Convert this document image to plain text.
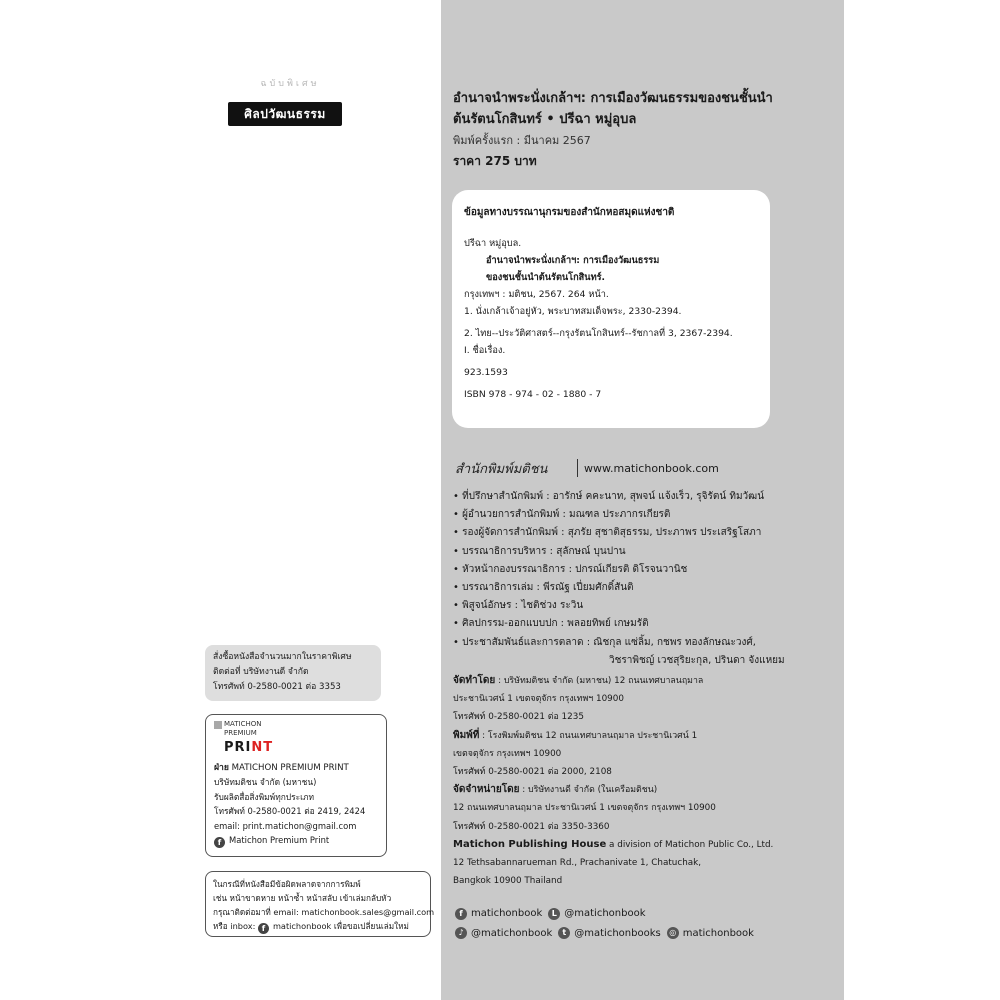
ฉบับพิเศษ
ศิลปวัฒนธรรม
สั่งซื้อหนังสือจำนวนมากในราคาพิเศษ
ติดต่อที่ บริษัทงานดี จำกัด
โทรศัพท์ 0-2580-0021 ต่อ 3353
MATICHON
PREMIUM
PRINT
ฝ่าย MATICHON PREMIUM PRINT
บริษัทมติชน จำกัด (มหาชน)
รับผลิตสื่อสิ่งพิมพ์ทุกประเภท
โทรศัพท์ 0-2580-0021 ต่อ 2419, 2424
email: print.matichon@gmail.com
f Matichon Premium Print
ในกรณีที่หนังสือมีข้อผิดพลาดจากการพิมพ์
เช่น หน้าขาดหาย หน้าซ้ำ หน้าสลับ เข้าเล่มกลับหัว
กรุณาติดต่อมาที่ email: matichonbook.sales@gmail.com
หรือ inbox: f matichonbook เพื่อขอเปลี่ยนเล่มใหม่
อำนาจนำพระนั่งเกล้าฯ: การเมืองวัฒนธรรมของชนชั้นนำ
ต้นรัตนโกสินทร์ • ปรีฉา หมู่อุบล
พิมพ์ครั้งแรก : มีนาคม 2567
ราคา 275 บาท
ข้อมูลทางบรรณานุกรมของสำนักหอสมุดแห่งชาติ
ปรีฉา หมู่อุบล.
อำนาจนำพระนั่งเกล้าฯ: การเมืองวัฒนธรรม
ของชนชั้นนำต้นรัตนโกสินทร์.
กรุงเทพฯ : มติชน, 2567. 264 หน้า.
1. นั่งเกล้าเจ้าอยู่หัว, พระบาทสมเด็จพระ, 2330-2394.
2. ไทย--ประวัติศาสตร์--กรุงรัตนโกสินทร์--รัชกาลที่ 3, 2367-2394.
I. ชื่อเรื่อง.
923.1593
ISBN 978 - 974 - 02 - 1880 - 7
สำนักพิมพ์มติชน	www.matichonbook.com
• ที่ปรึกษาสำนักพิมพ์ : อารักษ์ คคะนาท, สุพจน์ แจ้งเร็ว, รุจิรัตน์ ทิมวัฒน์
• ผู้อำนวยการสำนักพิมพ์ : มณฑล ประภากรเกียรติ
• รองผู้จัดการสำนักพิมพ์ : สุภรัย สุชาติสุธรรม, ประภาพร ประเสริฐโสภา
• บรรณาธิการบริหาร : สุลักษณ์ บุนปาน
• หัวหน้ากองบรรณาธิการ : ปกรณ์เกียรติ ดิโรจนวานิช
• บรรณาธิการเล่ม : พีรณัฐ เปี่ยมศักดิ์สันติ
• พิสูจน์อักษร : ไชติช่วง ระวิน
• ศิลปกรรม-ออกแบบปก : พลอยทิพย์ เกษมรัติ
• ประชาสัมพันธ์และการตลาด : ณิชกุล แซ่ลิ้ม, กชพร ทองลักษณะวงศ์,
วิชราพิชญ์ เวชสุริยะกุล, ปรินดา จังแหยม
จัดทำโดย : บริษัทมติชน จำกัด (มหาชน) 12 ถนนเทศบาลนฤมาล
ประชานิเวศน์ 1 เขตจตุจักร กรุงเทพฯ 10900
โทรศัพท์ 0-2580-0021 ต่อ 1235
พิมพ์ที่ : โรงพิมพ์มติชน 12 ถนนเทศบาลนฤมาล ประชานิเวศน์ 1
เขตจตุจักร กรุงเทพฯ 10900
โทรศัพท์ 0-2580-0021 ต่อ 2000, 2108
จัดจำหน่ายโดย : บริษัทงานดี จำกัด (ในเครือมติชน)
12 ถนนเทศบาลนฤมาล ประชานิเวศน์ 1 เขตจตุจักร กรุงเทพฯ 10900
โทรศัพท์ 0-2580-0021 ต่อ 3350-3360
Matichon Publishing House a division of Matichon Public Co., Ltd.
12 Tethsabannarueman Rd., Prachanivate 1, Chatuchak,
Bangkok 10900 Thailand
f matichonbook	L @matichonbook
♪ @matichonbook	t @matichonbooks	◎ matichonbook
